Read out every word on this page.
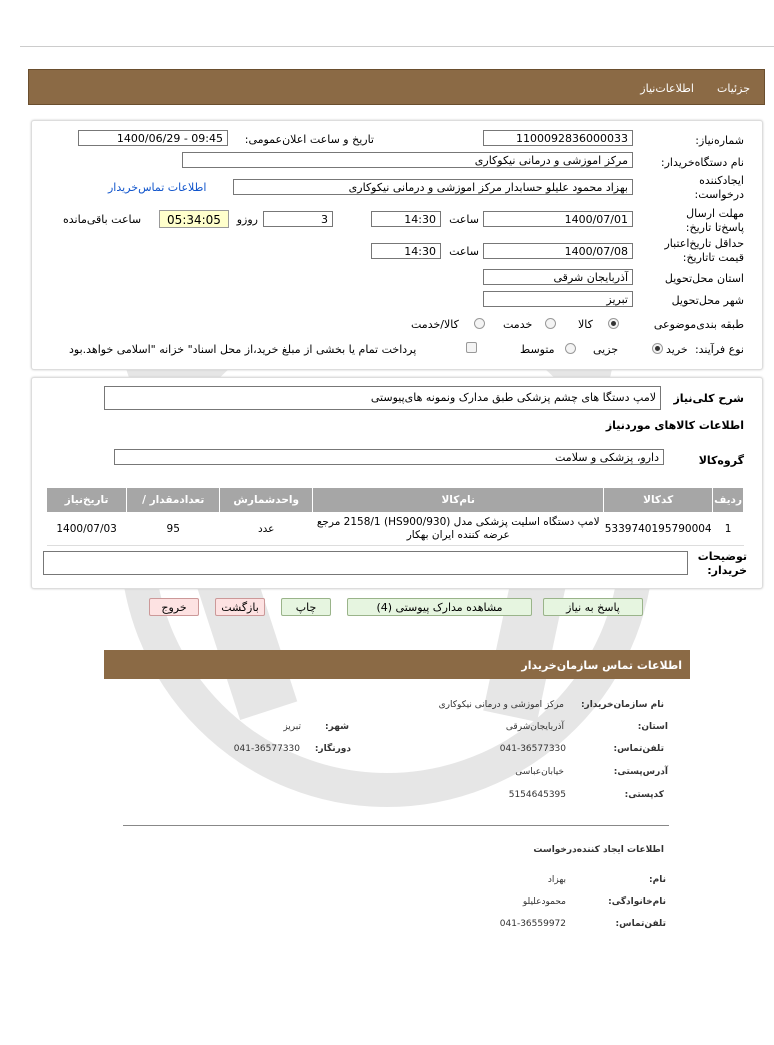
جزئیات
اطلاعات‌نیاز
شماره‌نیاز:
1100092836000033
تاریخ و ساعت اعلان‌عمومی:
1400/06/29 - 09:45
نام دستگاه‌خریدار:
مرکز اموزشی و درمانی نیکوکاری
ایجادکننده درخواست:
بهزاد محمود علیلو حسابدار مرکز اموزشی و درمانی نیکوکاری
اطلاعات تماس‌خریدار
مهلت ارسال پاسخ‌تا تاریخ:
1400/07/01
ساعت
14:30
3
روزو
05:34:05
ساعت باقی‌مانده
حداقل تاریخ‌اعتبار قیمت تا‌تاریخ:
1400/07/08
ساعت
14:30
استان محل‌تحویل
آذربایجان شرقی
شهر محل‌تحویل
تبریز
طبقه بندی‌موضوعی
کالا
خدمت
کالا/خدمت
نوع فرآیند:
خرید
جزیی
متوسط
پرداخت تمام یا بخشی از مبلغ خرید،از محل اسناد" خزانه "اسلامی خواهد.بود
شرح کلی‌نیاز
لامپ دستگا های چشم پزشکی طبق مدارک ونمونه های‌پیوستی
اطلاعات کالاهای موردنیاز
گروه‌کالا
دارو، پزشکی و سلامت
ردیف	کدکالا	نام‌کالا	واحدشمارش	تعداد‌مقدار /	تاریخ‌نیاز
1	5339740195790004	لامپ دستگاه اسلیت پزشکی مدل (HS900/930) 2158/1 مرجع عرضه کننده ایران بهکار	عدد	95	1400/07/03
توضیحات خریدار:
پاسخ به نیاز
مشاهده مدارک پیوستی (4)
چاپ
بازگشت
خروج
اطلاعات تماس سازمان‌خریدار
نام سازمان‌خریدار:
مرکز اموزشی و درمانی نیکوکاری
استان:
آذربایجان‌شرقی
شهر:
تبریز
تلفن‌تماس:
041-36577330
دورنگار:
041-36577330
آدرس‌پستی:
خیابان‌عباسی
کدپستی:
5154645395
اطلاعات ایجاد کننده‌درخواست
نام:
بهزاد
نام‌خانوادگی:
محمودعلیلو
تلفن‌تماس:
041-36559972
